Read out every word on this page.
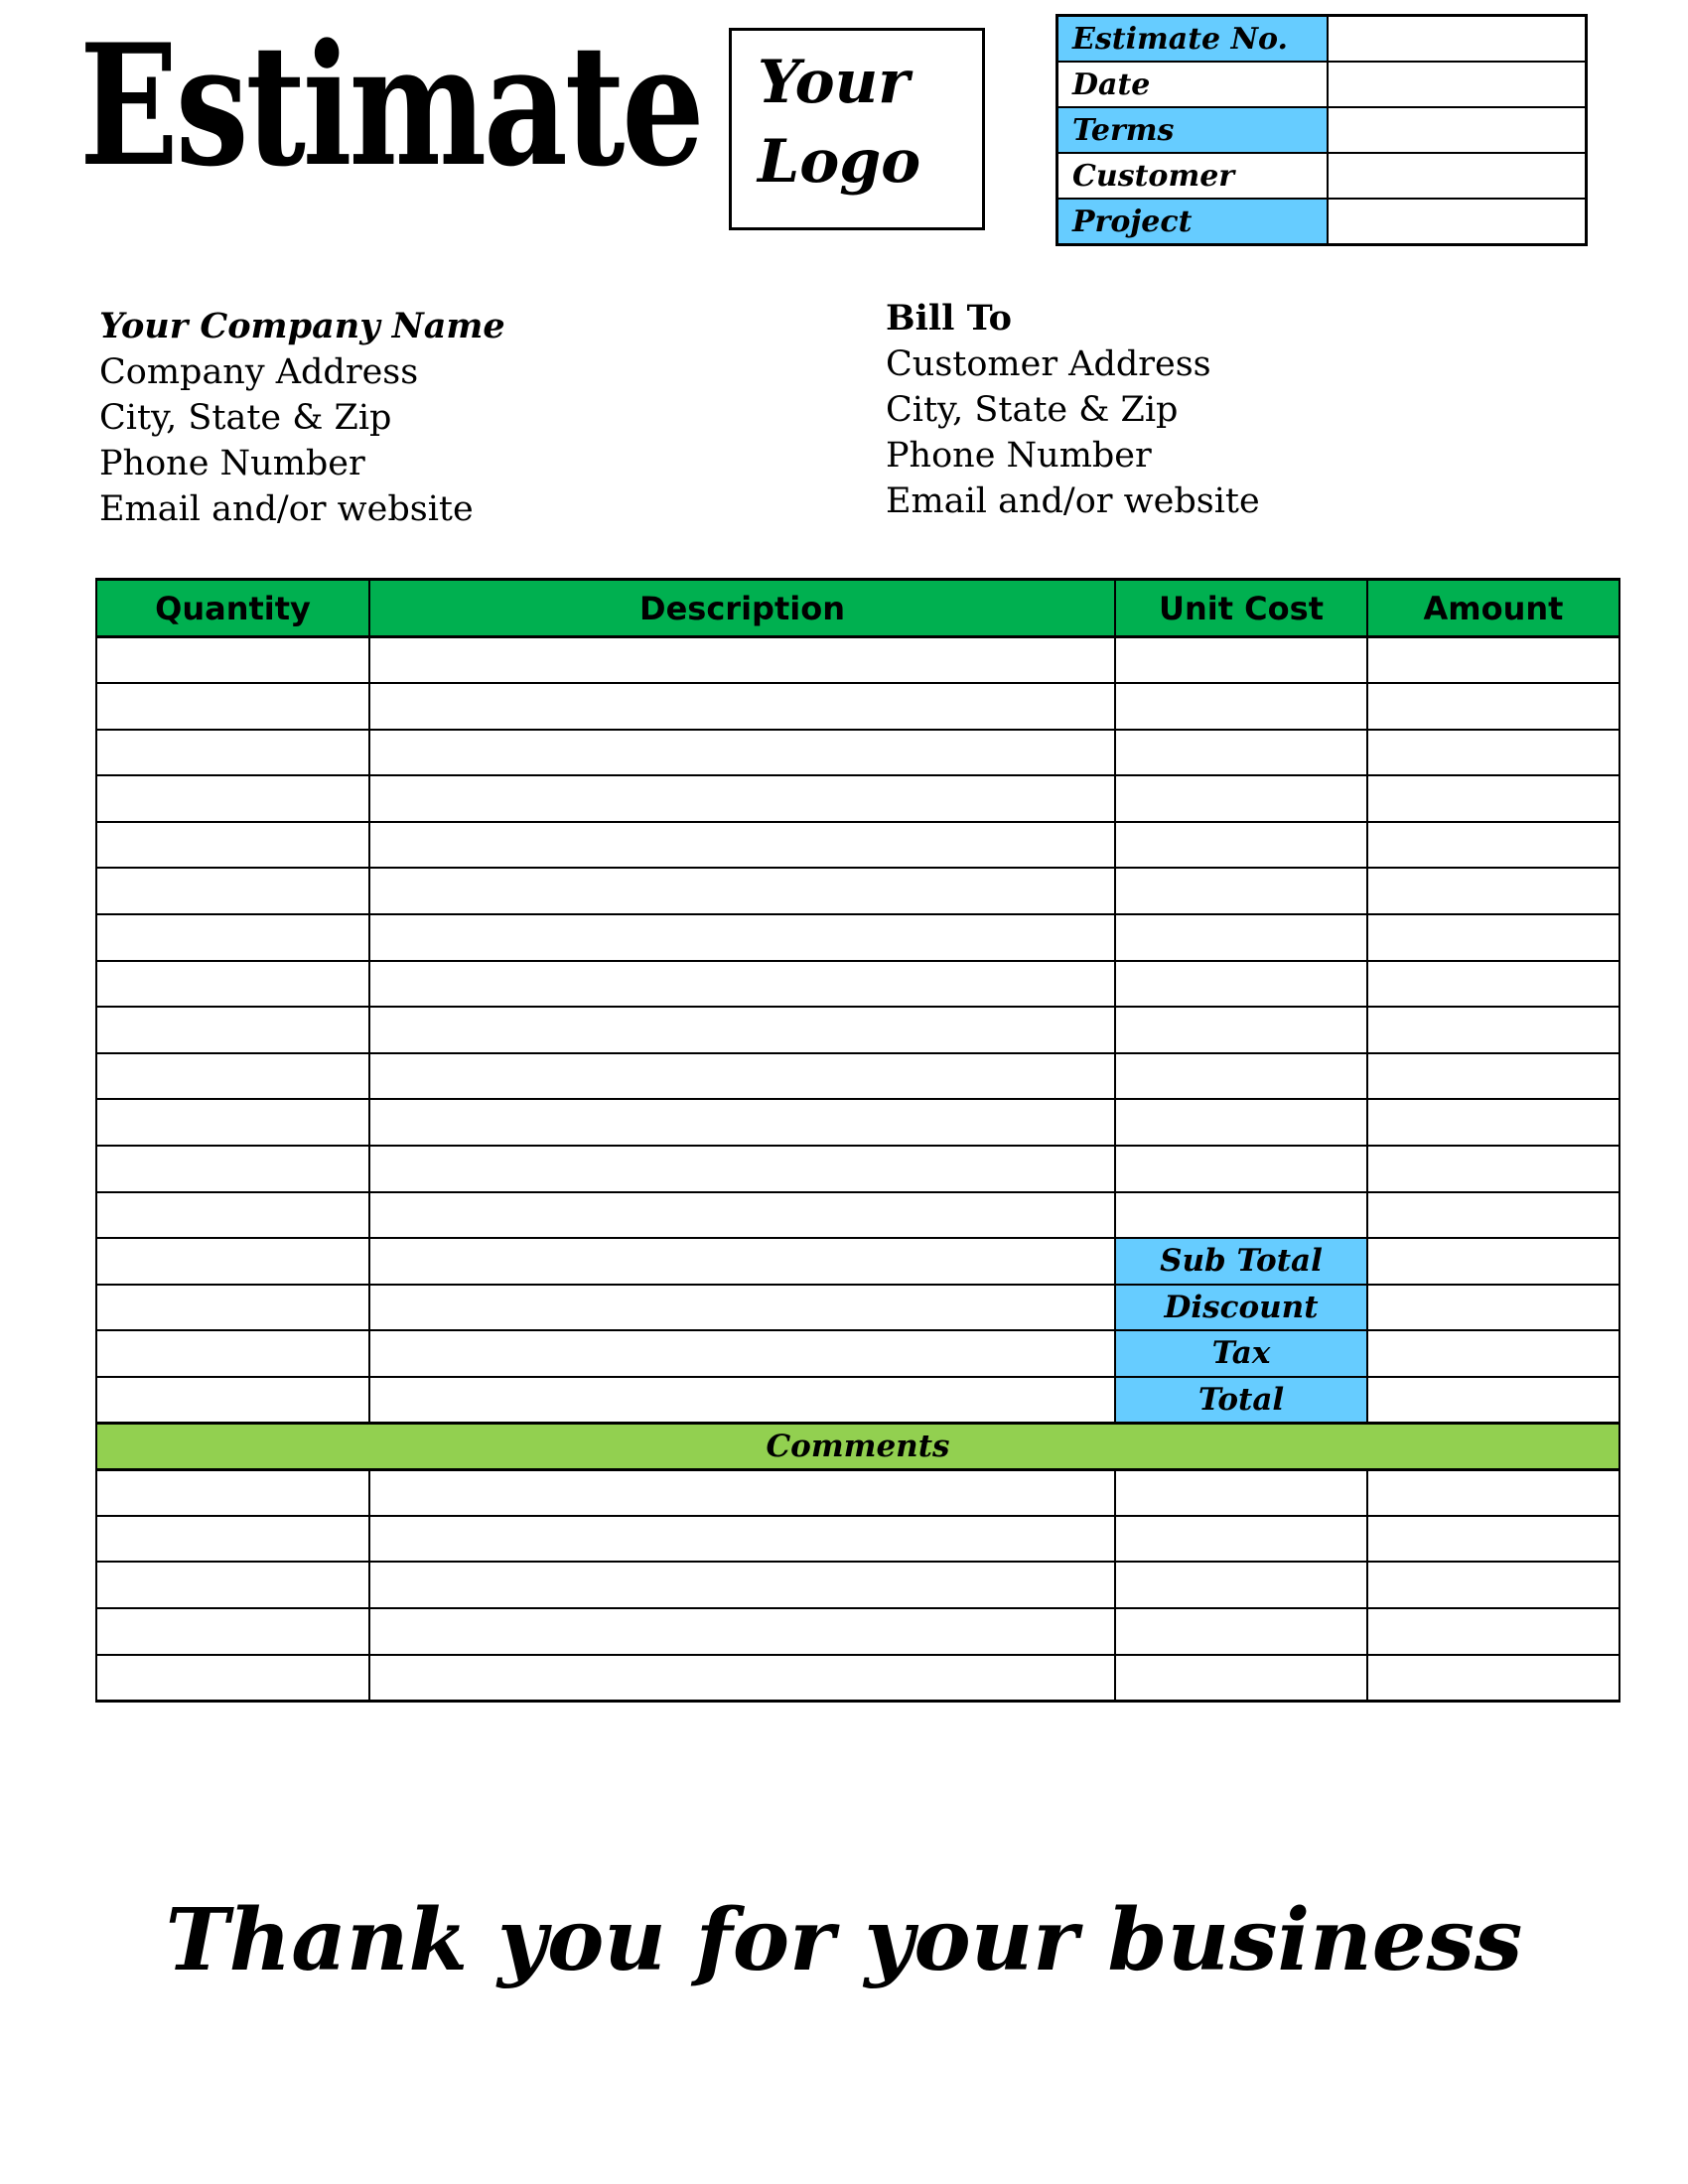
Estimate Your
Logo
Estimate No.	
Date	
Terms	
Customer	
Project	
Your Company Name
Company Address
City, State & Zip
Phone Number
Email and/or website
Bill To
Customer Address
City, State & Zip
Phone Number
Email and/or website
Quantity	Description	Unit Cost	Amount

		Sub Total	
		Discount	
		Tax	
		Total	
Comments			

Thank you for your business
